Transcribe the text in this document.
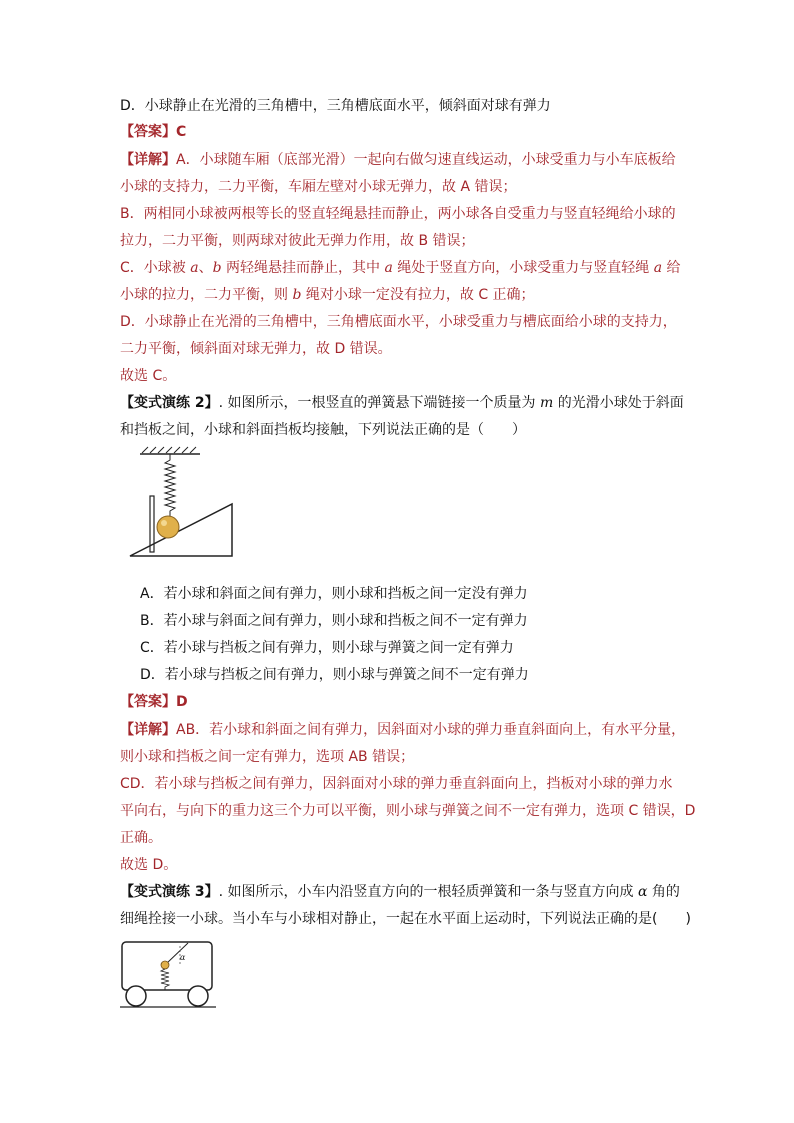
D．小球静止在光滑的三角槽中，三角槽底面水平，倾斜面对球有弹力
【答案】C
【详解】A．小球随车厢（底部光滑）一起向右做匀速直线运动，小球受重力与小车底板给
小球的支持力，二力平衡，车厢左壁对小球无弹力，故 A 错误；
B．两相同小球被两根等长的竖直轻绳悬挂而静止，两小球各自受重力与竖直轻绳给小球的
拉力，二力平衡，则两球对彼此无弹力作用，故 B 错误；
C．小球被 a、b 两轻绳悬挂而静止，其中 a 绳处于竖直方向，小球受重力与竖直轻绳 a 给
小球的拉力，二力平衡，则 b 绳对小球一定没有拉力，故 C 正确；
D．小球静止在光滑的三角槽中，三角槽底面水平，小球受重力与槽底面给小球的支持力，
二力平衡，倾斜面对球无弹力，故 D 错误。
故选 C。
【变式演练 2】. 如图所示，一根竖直的弹簧悬下端链接一个质量为 m 的光滑小球处于斜面
和挡板之间，小球和斜面挡板均接触，下列说法正确的是（　　）
A．若小球和斜面之间有弹力，则小球和挡板之间一定没有弹力
B．若小球与斜面之间有弹力，则小球和挡板之间不一定有弹力
C．若小球与挡板之间有弹力，则小球与弹簧之间一定有弹力
D．若小球与挡板之间有弹力，则小球与弹簧之间不一定有弹力
【答案】D
【详解】AB．若小球和斜面之间有弹力，因斜面对小球的弹力垂直斜面向上，有水平分量，
则小球和挡板之间一定有弹力，选项 AB 错误；
CD．若小球与挡板之间有弹力，因斜面对小球的弹力垂直斜面向上，挡板对小球的弹力水
平向右，与向下的重力这三个力可以平衡，则小球与弹簧之间不一定有弹力，选项 C 错误，D
正确。
故选 D。
【变式演练 3】. 如图所示，小车内沿竖直方向的一根轻质弹簧和一条与竖直方向成 α 角的
细绳拴接一小球。当小车与小球相对静止，一起在水平面上运动时，下列说法正确的是(　　)
α
